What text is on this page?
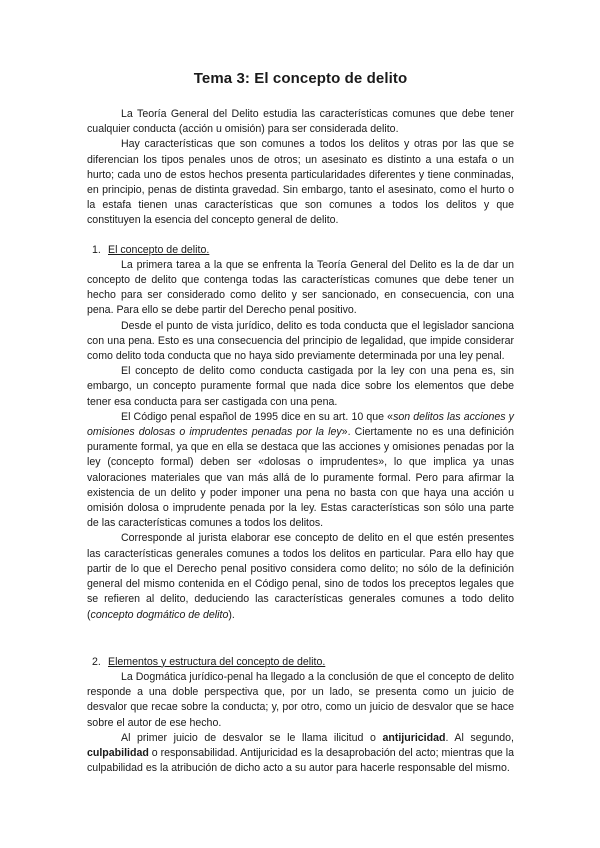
Tema 3: El concepto de delito

La Teoría General del Delito estudia las características comunes que debe tener cualquier conducta (acción u omisión) para ser considerada delito.

Hay características que son comunes a todos los delitos y otras por las que se diferencian los tipos penales unos de otros; un asesinato es distinto a una estafa o un hurto; cada uno de estos hechos presenta particularidades diferentes y tiene conminadas, en principio, penas de distinta gravedad. Sin embargo, tanto el asesinato, como el hurto o la estafa tienen unas características que son comunes a todos los delitos y que constituyen la esencia del concepto general de delito.

1. El concepto de delito.

La primera tarea a la que se enfrenta la Teoría General del Delito es la de dar un concepto de delito que contenga todas las características comunes que debe tener un hecho para ser considerado como delito y ser sancionado, en consecuencia, con una pena. Para ello se debe partir del Derecho penal positivo.

Desde el punto de vista jurídico, delito es toda conducta que el legislador sanciona con una pena. Esto es una consecuencia del principio de legalidad, que impide considerar como delito toda conducta que no haya sido previamente determinada por una ley penal.

El concepto de delito como conducta castigada por la ley con una pena es, sin embargo, un concepto puramente formal que nada dice sobre los elementos que debe tener esa conducta para ser castigada con una pena.

El Código penal español de 1995 dice en su art. 10 que «son delitos las acciones y omisiones dolosas o imprudentes penadas por la ley». Ciertamente no es una definición puramente formal, ya que en ella se destaca que las acciones y omisiones penadas por la ley (concepto formal) deben ser «dolosas o imprudentes», lo que implica ya unas valoraciones materiales que van más allá de lo puramente formal. Pero para afirmar la existencia de un delito y poder imponer una pena no basta con que haya una acción u omisión dolosa o imprudente penada por la ley. Estas características son sólo una parte de las características comunes a todos los delitos.

Corresponde al jurista elaborar ese concepto de delito en el que estén presentes las características generales comunes a todos los delitos en particular. Para ello hay que partir de lo que el Derecho penal positivo considera como delito; no sólo de la definición general del mismo contenida en el Código penal, sino de todos los preceptos legales que se refieren al delito, deduciendo las características generales comunes a todo delito (concepto dogmático de delito).

2. Elementos y estructura del concepto de delito.

La Dogmática jurídico-penal ha llegado a la conclusión de que el concepto de delito responde a una doble perspectiva que, por un lado, se presenta como un juicio de desvalor que recae sobre la conducta; y, por otro, como un juicio de desvalor que se hace sobre el autor de ese hecho.

Al primer juicio de desvalor se le llama ilicitud o antijuricidad. Al segundo, culpabilidad o responsabilidad. Antijuricidad es la desaprobación del acto; mientras que la culpabilidad es la atribución de dicho acto a su autor para hacerle responsable del mismo.
